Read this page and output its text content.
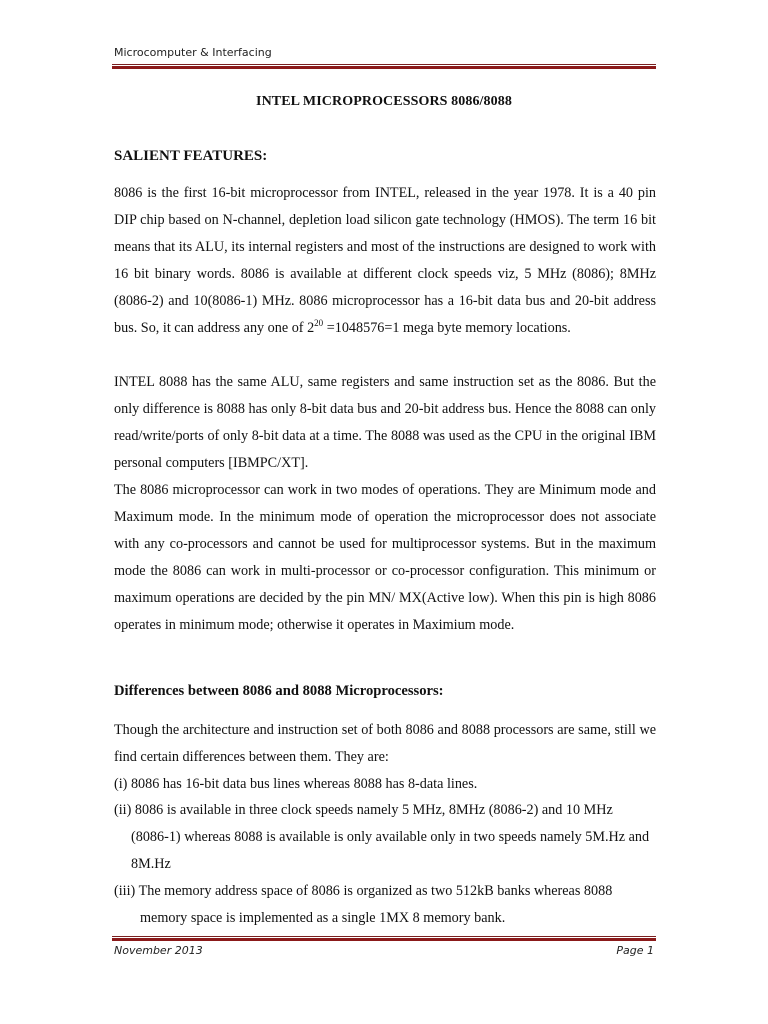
Microcomputer & Interfacing
INTEL MICROPROCESSORS 8086/8088
SALIENT FEATURES:

8086 is the first 16-bit microprocessor from INTEL, released in the year 1978. It is a 40 pin DIP chip based on N-channel, depletion load silicon gate technology (HMOS). The term 16 bit means that its ALU, its internal registers and most of the instructions are designed to work with 16 bit binary words. 8086 is available at different clock speeds viz, 5 MHz (8086); 8MHz (8086-2) and 10(8086-1) MHz. 8086 microprocessor has a 16-bit data bus and 20-bit address bus. So, it can address any one of $2^{20} =1048576=1$ mega byte memory locations.

INTEL 8088 has the same ALU, same registers and same instruction set as the 8086. But the only difference is 8088 has only 8-bit data bus and 20-bit address bus. Hence the 8088 can only read/write/ports of only 8-bit data at a time. The 8088 was used as the CPU in the original IBM personal computers [IBMPC/XT].

The 8086 microprocessor can work in two modes of operations. They are Minimum mode and Maximum mode. In the minimum mode of operation the microprocessor does not associate with any co-processors and cannot be used for multiprocessor systems. But in the maximum mode the 8086 can work in multi-processor or co-processor configuration. This minimum or maximum operations are decided by the pin MN/ MX(Active low). When this pin is high 8086 operates in minimum mode; otherwise it operates in Maximium mode.

Differences between 8086 and 8088 Microprocessors:

Though the architecture and instruction set of both 8086 and 8088 processors are same, still we find certain differences between them. They are:

(i) 8086 has 16-bit data bus lines whereas 8088 has 8-data lines.

(ii) 8086 is available in three clock speeds namely 5 MHz, 8MHz (8086-2) and 10 MHz
(8086-1) whereas 8088 is available is only available only in two speeds namely 5M.Hz and 8M.Hz

(iii) The memory address space of 8086 is organized as two 512kB banks whereas 8088
memory space is implemented as a single 1MX 8 memory bank.

November 2013	Page 1
